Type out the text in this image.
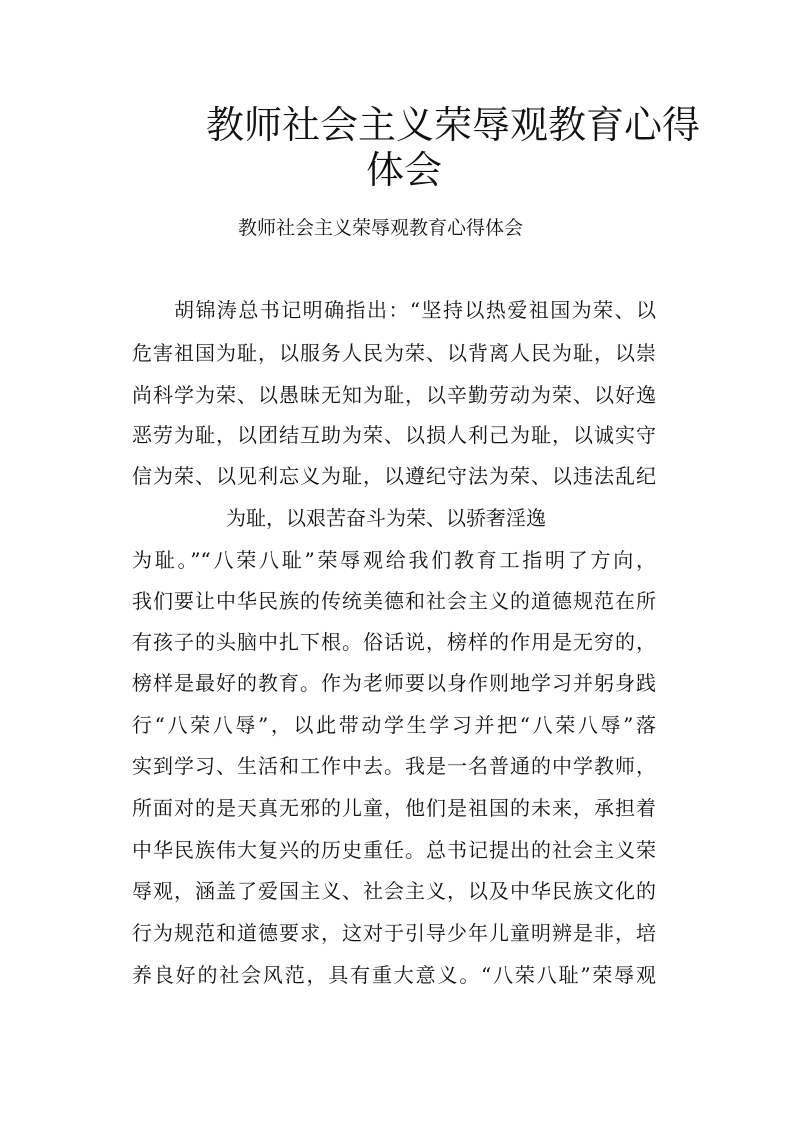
教师社会主义荣辱观教育心得
体会
教师社会主义荣辱观教育心得体会
胡锦涛总书记明确指出：“坚持以热爱祖国为荣、以
危害祖国为耻，以服务人民为荣、以背离人民为耻，以崇
尚科学为荣、以愚昧无知为耻，以辛勤劳动为荣、以好逸
恶劳为耻，以团结互助为荣、以损人利己为耻，以诚实守
信为荣、以见利忘义为耻，以遵纪守法为荣、以违法乱纪
为耻，以艰苦奋斗为荣、以骄奢淫逸
为耻。”“八荣八耻”荣辱观给我们教育工指明了方向，
我们要让中华民族的传统美德和社会主义的道德规范在所
有孩子的头脑中扎下根。俗话说，榜样的作用是无穷的，
榜样是最好的教育。作为老师要以身作则地学习并躬身践
行“八荣八辱”，以此带动学生学习并把“八荣八辱”落
实到学习、生活和工作中去。我是一名普通的中学教师，
所面对的是天真无邪的儿童，他们是祖国的未来，承担着
中华民族伟大复兴的历史重任。总书记提出的社会主义荣
辱观，涵盖了爱国主义、社会主义，以及中华民族文化的
行为规范和道德要求，这对于引导少年儿童明辨是非，培
养良好的社会风范，具有重大意义。“八荣八耻”荣辱观
